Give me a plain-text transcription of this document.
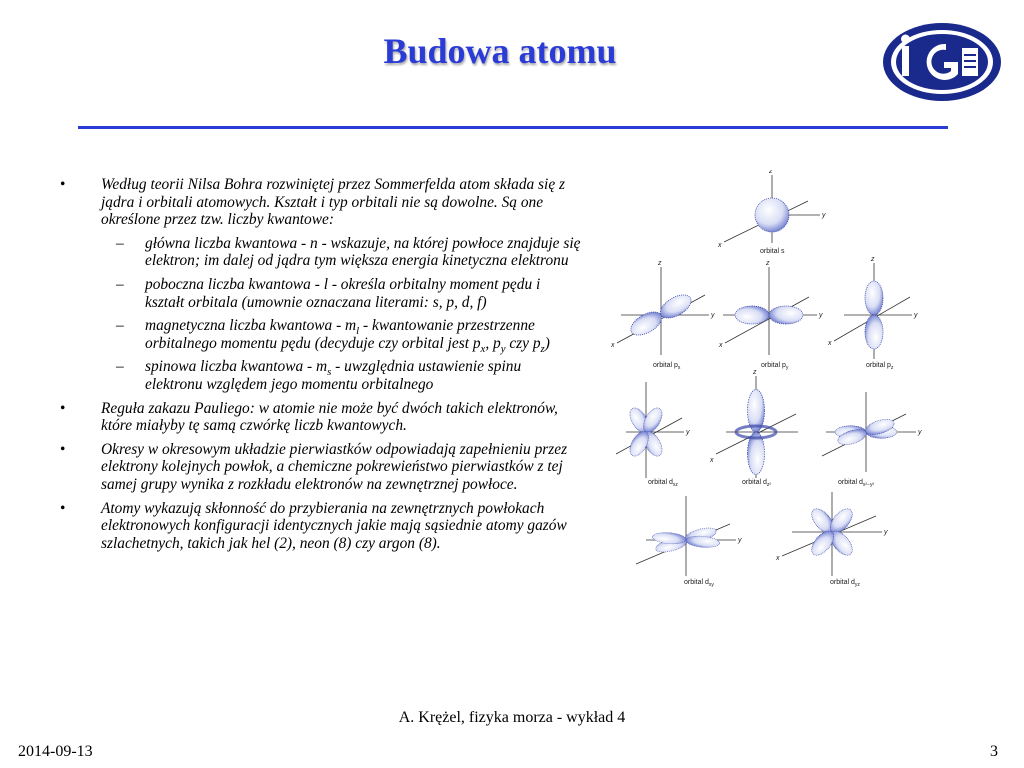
Budowa atomu
• Według teorii Nilsa Bohra rozwiniętej przez Sommerfelda atom składa się z jądra i orbitali atomowych. Kształt i typ orbitali nie są dowolne. Są one określone przez tzw. liczby kwantowe:
– główna liczba kwantowa - n - wskazuje, na której powłoce znajduje się elektron; im dalej od jądra tym większa energia kinetyczna elektronu
– poboczna liczba kwantowa - l - określa orbitalny moment pędu i kształt orbitala (umownie oznaczana literami: s, p, d, f)
– magnetyczna liczba kwantowa - $m_l$ - kwantowanie przestrzenne orbitalnego momentu pędu (decyduje czy orbital jest $p_x$, $p_y$ czy $p_z$)
– spinowa liczba kwantowa - $m_s$ - uwzględnia ustawienie spinu elektronu względem jego momentu orbitalnego
• Reguła zakazu Pauliego: w atomie nie może być dwóch takich elektronów, które miałyby tę samą czwórkę liczb kwantowych.
• Okresy w okresowym układzie pierwiastków odpowiadają zapełnieniu przez elektrony kolejnych powłok, a chemiczne pokrewieństwo pierwiastków z tej samej grupy wynika z rozkładu elektronów na zewnętrznej powłoce.
• Atomy wykazują skłonność do przybierania na zewnętrznych powłokach elektronowych konfiguracji identycznych jakie mają sąsiednie atomy gazów szlachetnych, takich jak hel (2), neon (8) czy argon (8).
z
y
x
orbital s
z
y
x
orbital $p_x$
z
y
x
orbital $p_y$
z
y
x
orbital $p_z$
y
orbital $d_{xz}$
z
x
orbital $d_{z^2}$
y
orbital $d_{x^2-y^2}$
y
orbital $d_{xy}$
y
x
orbital $d_{yz}$
A. Krężel, fizyka morza - wykład 4
2014-09-13	3
